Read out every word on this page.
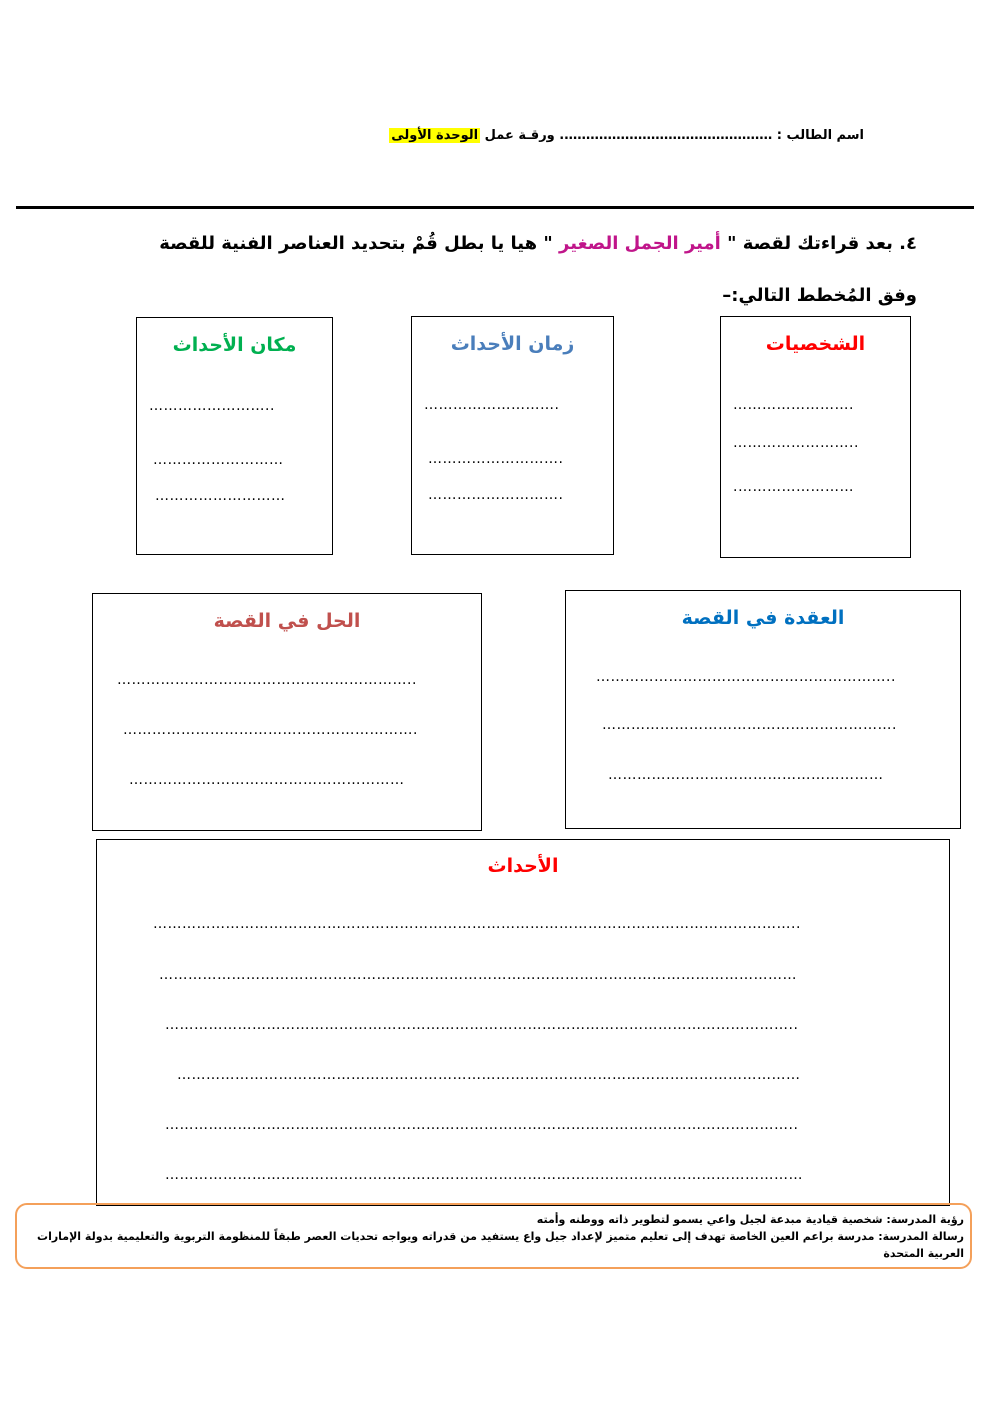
اسم الطالب : …………………………………………. ورقـة عمل الوحدة الأولى
٤. بعد قراءتك لقصة " أمير الجمل الصغير " هيا يا بطل قُمْ بتحديد العناصر الفنية للقصة وفق المُخطط التالي:–
الشخصيات
…………………….
……………………..
.……………………
زمان الأحداث
……………………….
……………………….
……………………….
مكان الأحداث
……………………..
………………………
………………………
العقدة في القصة
……………………………………………………..
…………………………………………………….
…………………………………………………
الحل في القصة
……………………………………………………..
…………………………………………………….
…………………………………………………
الأحداث
……………………………………………………………………………………………………………………..
……………………………………………………………………………………………………………………
…………………………………………………………………………………………………………………..
…………………………………………………………………………………………………………………
…………………………………………………………………………………………………………………..
……………………………………………………………………………………………………………………
رؤية المدرسة: شخصية قيادية مبدعة لجيل واعي يسمو لتطوير ذاته ووطنه وأمته
رسالة المدرسة: مدرسة براعم العين الخاصة تهدف إلى تعليم متميز لإعداد جيل واع يستفيد من قدراته ويواجه تحديات العصر طبقاً للمنظومة التربوية والتعليمية بدولة الإمارات العربية المتحدة
